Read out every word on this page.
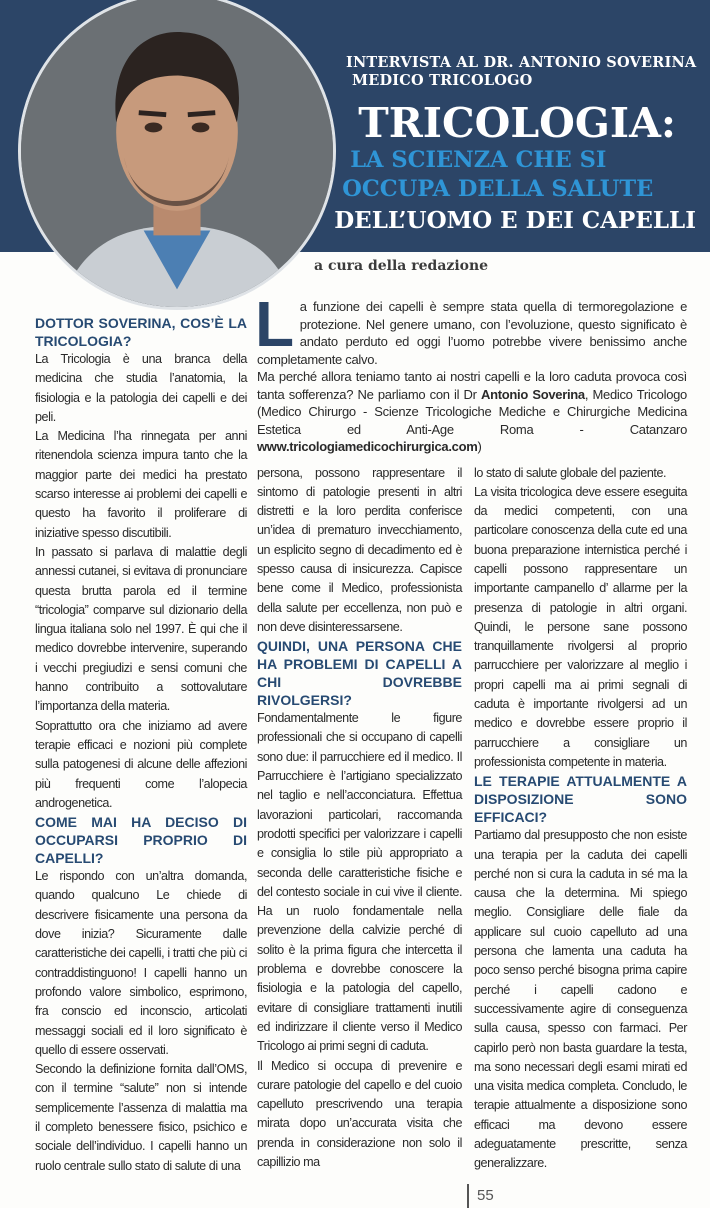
INTERVISTA AL DR. ANTONIO SOVERINA
MEDICO TRICOLOGO
TRICOLOGIA:
LA SCIENZA CHE SI
OCCUPA DELLA SALUTE
DELL’UOMO E DEI CAPELLI
a cura della redazione
DOTTOR SOVERINA, COS’È LA TRICOLOGIA?

La Tricologia è una branca della medicina che studia l’anatomia, la fisiologia e la patologia dei capelli e dei peli.

La Medicina l’ha rinnegata per anni ritenendola scienza impura tanto che la maggior parte dei medici ha prestato scarso interesse ai problemi dei capelli e questo ha favorito il proliferare di iniziative spesso discutibili.

In passato si parlava di malattie degli annessi cutanei, si evitava di pronunciare questa brutta parola ed il termine “tricologia” comparve sul dizionario della lingua italiana solo nel 1997. È qui che il medico dovrebbe intervenire, superando i vecchi pregiudizi e sensi comuni che hanno contribuito a sottovalutare l’importanza della materia.

Soprattutto ora che iniziamo ad avere terapie efficaci e nozioni più complete sulla patogenesi di alcune delle affezioni più frequenti come l’alopecia androgenetica.

COME MAI HA DECISO DI OCCUPARSI PROPRIO DI CAPELLI?

Le rispondo con un’altra domanda, quando qualcuno Le chiede di descrivere fisicamente una persona da dove inizia? Sicuramente dalle caratteristiche dei capelli, i tratti che più ci contraddistinguono! I capelli hanno un profondo valore simbolico, esprimono, fra conscio ed inconscio, articolati messaggi sociali ed il loro significato è quello di essere osservati.

Secondo la definizione fornita dall’OMS, con il termine “salute” non si intende semplicemente l’assenza di malattia ma il completo benessere fisico, psichico e sociale dell’individuo. I capelli hanno un ruolo centrale sullo stato di salute di una

La funzione dei capelli è sempre stata quella di termoregolazione e protezione. Nel genere umano, con l’evoluzione, questo significato è andato perduto ed oggi l’uomo potrebbe vivere benissimo anche completamente calvo.

Ma perché allora teniamo tanto ai nostri capelli e la loro caduta provoca così tanta sofferenza? Ne parliamo con il Dr Antonio Soverina, Medico Tricologo (Medico Chirurgo - Scienze Tricologiche Mediche e Chirurgiche Medicina Estetica ed Anti-Age Roma - Catanzaro www.tricologiamedicochirurgica.com)

persona, possono rappresentare il sintomo di patologie presenti in altri distretti e la loro perdita conferisce un’idea di prematuro invecchiamento, un esplicito segno di decadimento ed è spesso causa di insicurezza. Capisce bene come il Medico, professionista della salute per eccellenza, non può e non deve disinteressarsene.

QUINDI, UNA PERSONA CHE HA PROBLEMI DI CAPELLI A CHI DOVREBBE RIVOLGERSI?

Fondamentalmente le figure professionali che si occupano di capelli sono due: il parrucchiere ed il medico. Il Parrucchiere è l’artigiano specializzato nel taglio e nell’acconciatura. Effettua lavorazioni particolari, raccomanda prodotti specifici per valorizzare i capelli e consiglia lo stile più appropriato a seconda delle caratteristiche fisiche e del contesto sociale in cui vive il cliente. Ha un ruolo fondamentale nella prevenzione della calvizie perché di solito è la prima figura che intercetta il problema e dovrebbe conoscere la fisiologia e la patologia del capello, evitare di consigliare trattamenti inutili ed indirizzare il cliente verso il Medico Tricologo ai primi segni di caduta.

Il Medico si occupa di prevenire e curare patologie del capello e del cuoio capelluto prescrivendo una terapia mirata dopo un’accurata visita che prenda in considerazione non solo il capillizio ma

lo stato di salute globale del paziente.

La visita tricologica deve essere eseguita da medici competenti, con una particolare conoscenza della cute ed una buona preparazione internistica perché i capelli possono rappresentare un importante campanello d’ allarme per la presenza di patologie in altri organi. Quindi, le persone sane possono tranquillamente rivolgersi al proprio parrucchiere per valorizzare al meglio i propri capelli ma ai primi segnali di caduta è importante rivolgersi ad un medico e dovrebbe essere proprio il parrucchiere a consigliare un professionista competente in materia.

LE TERAPIE ATTUALMENTE A DISPOSIZIONE SONO EFFICACI?

Partiamo dal presupposto che non esiste una terapia per la caduta dei capelli perché non si cura la caduta in sé ma la causa che la determina. Mi spiego meglio. Consigliare delle fiale da applicare sul cuoio capelluto ad una persona che lamenta una caduta ha poco senso perché bisogna prima capire perché i capelli cadono e successivamente agire di conseguenza sulla causa, spesso con farmaci. Per capirlo però non basta guardare la testa, ma sono necessari degli esami mirati ed una visita medica completa. Concludo, le terapie attualmente a disposizione sono efficaci ma devono essere adeguatamente prescritte, senza generalizzare.

55
